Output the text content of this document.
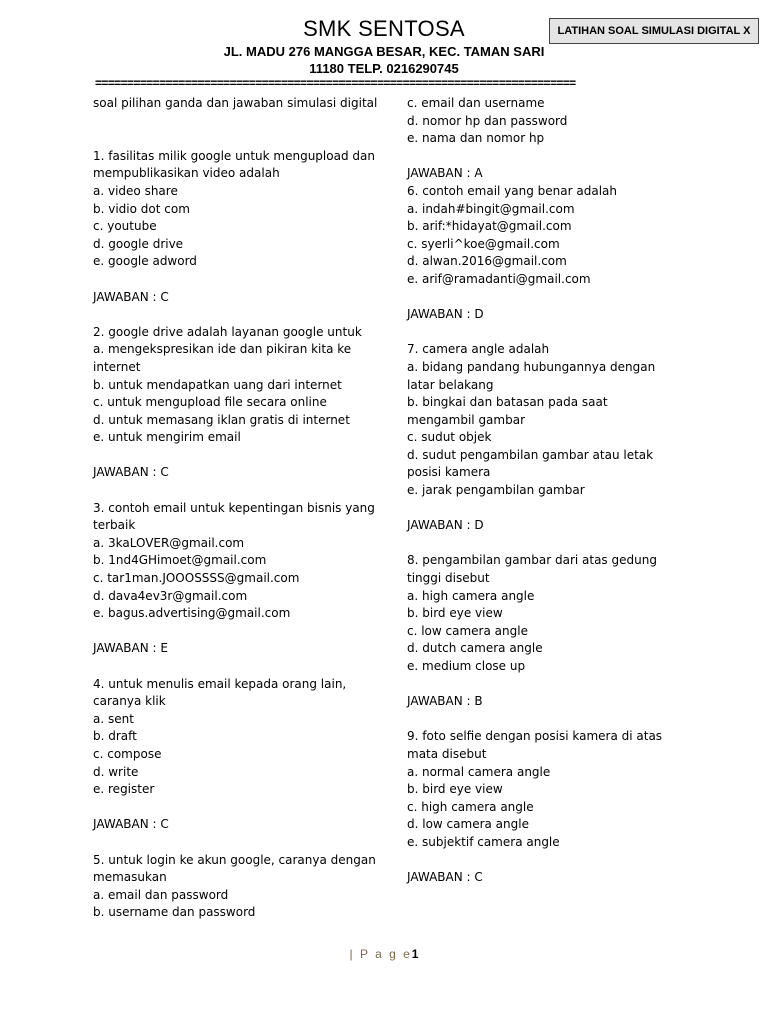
SMK SENTOSA
JL. MADU 276 MANGGA BESAR, KEC. TAMAN SARI
11180 TELP. 0216290745
===========================================================================
LATIHAN SOAL SIMULASI DIGITAL X
soal pilihan ganda dan jawaban simulasi digital
1. fasilitas milik google untuk mengupload dan mempublikasikan video adalah
a. video share
b. vidio dot com
c. youtube
d. google drive
e. google adword
JAWABAN : C
2. google drive adalah layanan google untuk
a. mengekspresikan ide dan pikiran kita ke internet
b. untuk mendapatkan uang dari internet
c. untuk mengupload file secara online
d. untuk memasang iklan gratis di internet
e. untuk mengirim email
JAWABAN : C
3. contoh email untuk kepentingan bisnis yang terbaik
a. 3kaLOVER@gmail.com
b. 1nd4GHimoet@gmail.com
c. tar1man.JOOOSSSS@gmail.com
d. dava4ev3r@gmail.com
e. bagus.advertising@gmail.com
JAWABAN : E
4. untuk menulis email kepada orang lain, caranya klik
a. sent
b. draft
c. compose
d. write
e. register
JAWABAN : C
5. untuk login ke akun google, caranya dengan memasukan
a. email dan password
b. username dan password
c. email dan username
d. nomor hp dan password
e. nama dan nomor hp
JAWABAN : A
6. contoh email yang benar adalah
a. indah#bingit@gmail.com
b. arif:*hidayat@gmail.com
c. syerli^koe@gmail.com
d. alwan.2016@gmail.com
e. arif@ramadanti@gmail.com
JAWABAN : D
7. camera angle adalah
a. bidang pandang hubungannya dengan latar belakang
b. bingkai dan batasan pada saat mengambil gambar
c. sudut objek
d. sudut pengambilan gambar atau letak posisi kamera
e. jarak pengambilan gambar
JAWABAN : D
8. pengambilan gambar dari atas gedung tinggi disebut
a. high camera angle
b. bird eye view
c. low camera angle
d. dutch camera angle
e. medium close up
JAWABAN : B
9. foto selfie dengan posisi kamera di atas mata disebut
a. normal camera angle
b. bird eye view
c. high camera angle
d. low camera angle
e. subjektif camera angle
JAWABAN : C
| P a g e1
